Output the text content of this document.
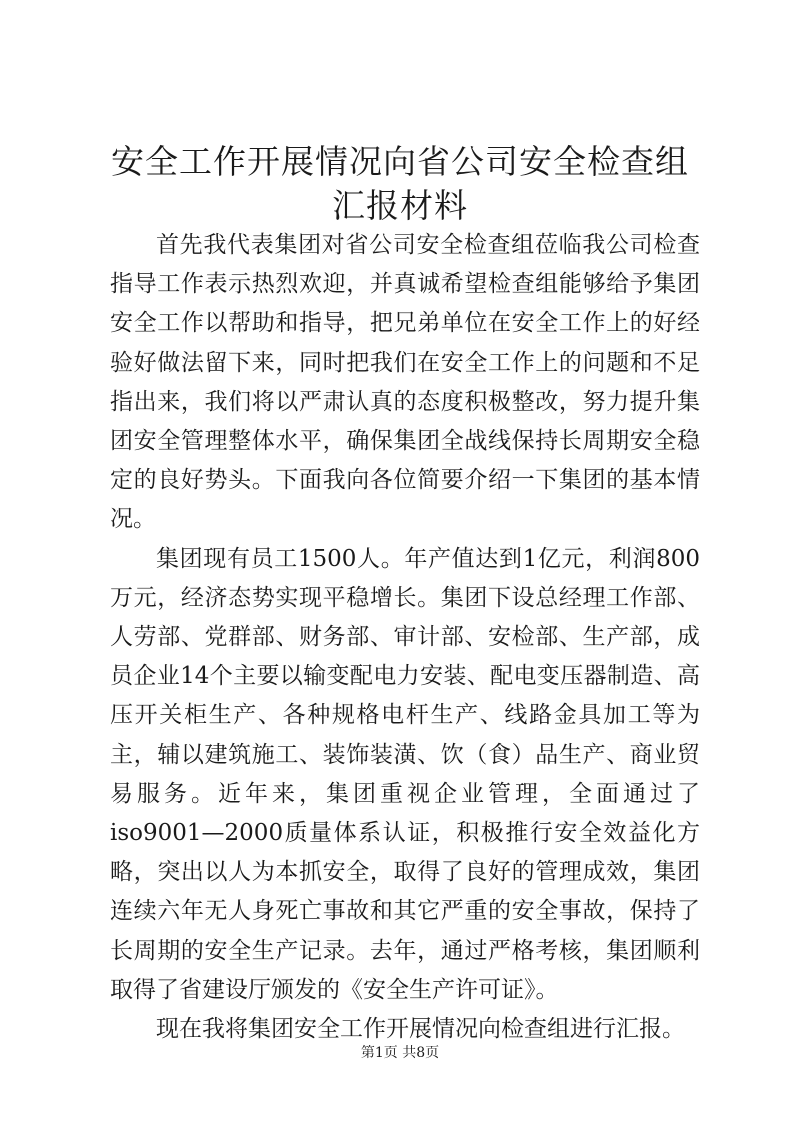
安全工作开展情况向省公司安全检查组汇报材料

首先我代表集团对省公司安全检查组莅临我公司检查指导工作表示热烈欢迎，并真诚希望检查组能够给予集团安全工作以帮助和指导，把兄弟单位在安全工作上的好经验好做法留下来，同时把我们在安全工作上的问题和不足指出来，我们将以严肃认真的态度积极整改，努力提升集团安全管理整体水平，确保集团全战线保持长周期安全稳定的良好势头。下面我向各位简要介绍一下集团的基本情况。

集团现有员工1500人。年产值达到1亿元，利润800万元，经济态势实现平稳增长。集团下设总经理工作部、人劳部、党群部、财务部、审计部、安检部、生产部，成员企业14个主要以输变配电力安装、配电变压器制造、高压开关柜生产、各种规格电杆生产、线路金具加工等为主，辅以建筑施工、装饰装潢、饮（食）品生产、商业贸易服务。近年来，集团重视企业管理，全面通过了iso9001—2000质量体系认证，积极推行安全效益化方略，突出以人为本抓安全，取得了良好的管理成效，集团连续六年无人身死亡事故和其它严重的安全事故，保持了长周期的安全生产记录。去年，通过严格考核，集团顺利取得了省建设厅颁发的《安全生产许可证》。

现在我将集团安全工作开展情况向检查组进行汇报。

第1页 共8页
